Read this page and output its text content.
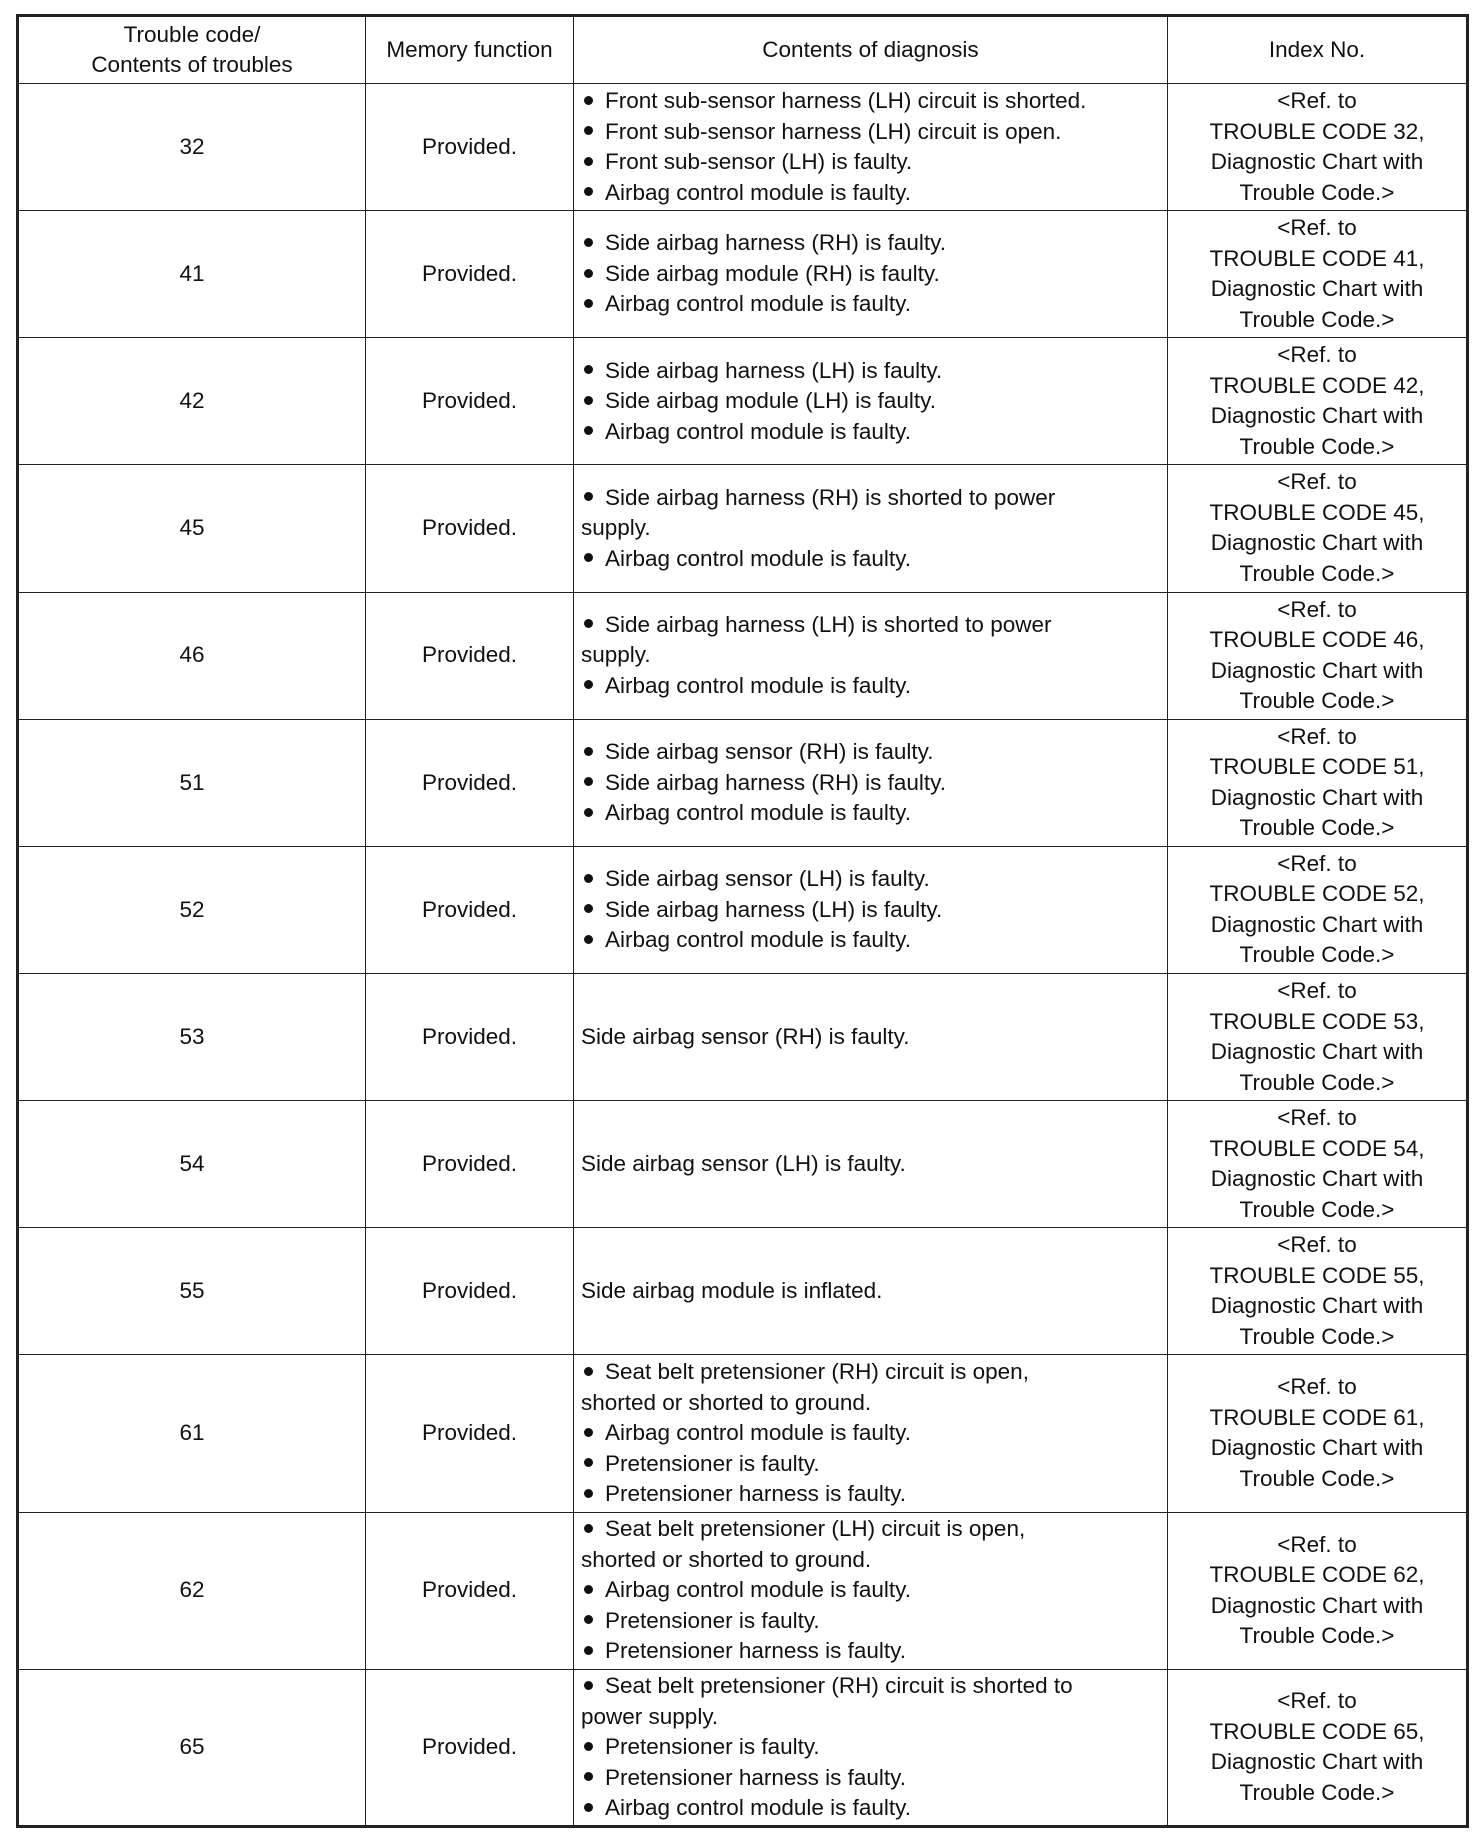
Trouble code/
Contents of troubles	Memory function	Contents of diagnosis	Index No.
32	Provided.	Front sub-sensor harness (LH) circuit is shorted.
Front sub-sensor harness (LH) circuit is open.
Front sub-sensor (LH) is faulty.
Airbag control module is faulty.	<Ref. to
TROUBLE CODE 32,
Diagnostic Chart with
Trouble Code.>

41	Provided.	Side airbag harness (RH) is faulty.
Side airbag module (RH) is faulty.
Airbag control module is faulty.	<Ref. to
TROUBLE CODE 41,
Diagnostic Chart with
Trouble Code.>

42	Provided.	Side airbag harness (LH) is faulty.
Side airbag module (LH) is faulty.
Airbag control module is faulty.	<Ref. to
TROUBLE CODE 42,
Diagnostic Chart with
Trouble Code.>

45	Provided.	Side airbag harness (RH) is shorted to power
supply.
Airbag control module is faulty.	<Ref. to
TROUBLE CODE 45,
Diagnostic Chart with
Trouble Code.>

46	Provided.	Side airbag harness (LH) is shorted to power
supply.
Airbag control module is faulty.	<Ref. to
TROUBLE CODE 46,
Diagnostic Chart with
Trouble Code.>

51	Provided.	Side airbag sensor (RH) is faulty.
Side airbag harness (RH) is faulty.
Airbag control module is faulty.	<Ref. to
TROUBLE CODE 51,
Diagnostic Chart with
Trouble Code.>

52	Provided.	Side airbag sensor (LH) is faulty.
Side airbag harness (LH) is faulty.
Airbag control module is faulty.	<Ref. to
TROUBLE CODE 52,
Diagnostic Chart with
Trouble Code.>

53	Provided.	Side airbag sensor (RH) is faulty.	<Ref. to
TROUBLE CODE 53,
Diagnostic Chart with
Trouble Code.>

54	Provided.	Side airbag sensor (LH) is faulty.	<Ref. to
TROUBLE CODE 54,
Diagnostic Chart with
Trouble Code.>

55	Provided.	Side airbag module is inflated.	<Ref. to
TROUBLE CODE 55,
Diagnostic Chart with
Trouble Code.>

61	Provided.	Seat belt pretensioner (RH) circuit is open,
shorted or shorted to ground.
Airbag control module is faulty.
Pretensioner is faulty.
Pretensioner harness is faulty.	<Ref. to
TROUBLE CODE 61,
Diagnostic Chart with
Trouble Code.>

62	Provided.	Seat belt pretensioner (LH) circuit is open,
shorted or shorted to ground.
Airbag control module is faulty.
Pretensioner is faulty.
Pretensioner harness is faulty.	<Ref. to
TROUBLE CODE 62,
Diagnostic Chart with
Trouble Code.>

65	Provided.	Seat belt pretensioner (RH) circuit is shorted to
power supply.
Pretensioner is faulty.
Pretensioner harness is faulty.
Airbag control module is faulty.	<Ref. to
TROUBLE CODE 65,
Diagnostic Chart with
Trouble Code.>
